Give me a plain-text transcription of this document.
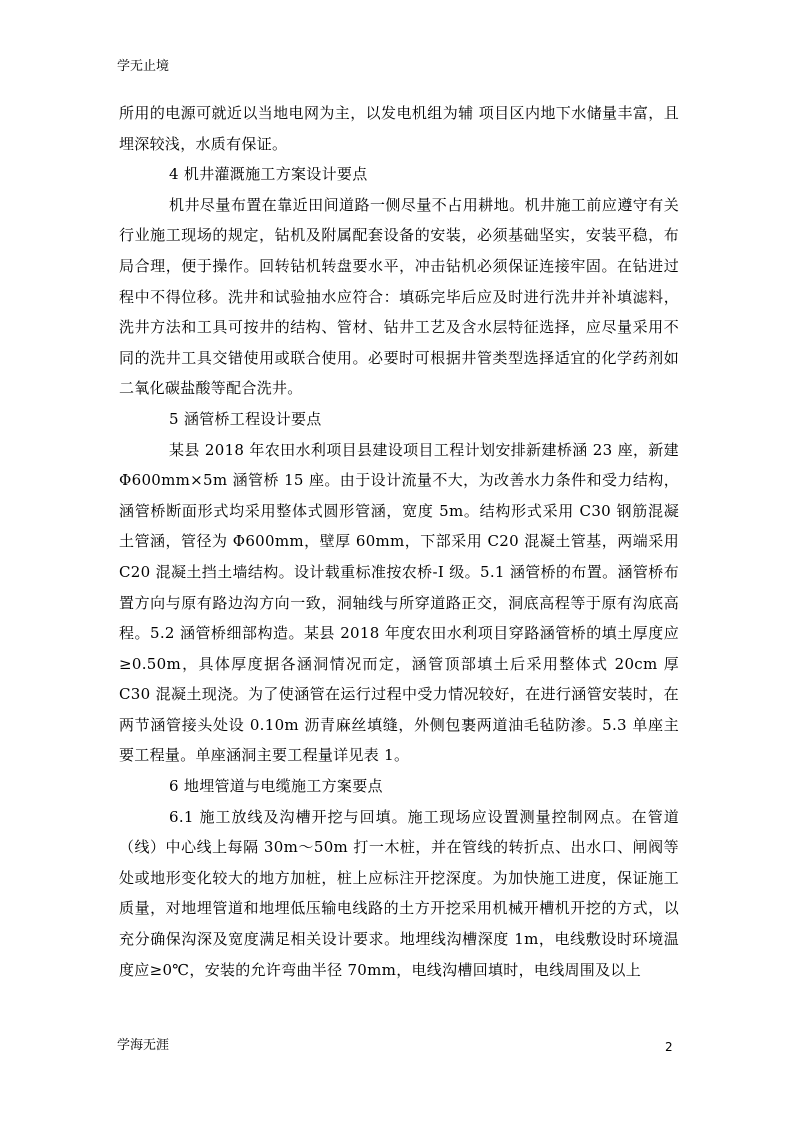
学无止境

所用的电源可就近以当地电网为主，以发电机组为辅 项目区内地下水储量丰富，且埋深较浅，水质有保证。

4 机井灌溉施工方案设计要点

机井尽量布置在靠近田间道路一侧尽量不占用耕地。机井施工前应遵守有关行业施工现场的规定，钻机及附属配套设备的安装，必须基础坚实，安装平稳，布局合理，便于操作。回转钻机转盘要水平，冲击钻机必须保证连接牢固。在钻进过程中不得位移。洗井和试验抽水应符合：填砾完毕后应及时进行洗井并补填滤料，洗井方法和工具可按井的结构、管材、钻井工艺及含水层特征选择，应尽量采用不同的洗井工具交错使用或联合使用。必要时可根据井管类型选择适宜的化学药剂如二氧化碳盐酸等配合洗井。

5 涵管桥工程设计要点

某县 2018 年农田水利项目县建设项目工程计划安排新建桥涵 23 座，新建Φ600mm×5m 涵管桥 15 座。由于设计流量不大，为改善水力条件和受力结构，涵管桥断面形式均采用整体式圆形管涵，宽度 5m。结构形式采用 C30 钢筋混凝土管涵，管径为 Φ600mm，壁厚 60mm，下部采用 C20 混凝土管基，两端采用 C20 混凝土挡土墙结构。设计载重标准按农桥-I 级。5.1 涵管桥的布置。涵管桥布置方向与原有路边沟方向一致，洞轴线与所穿道路正交，洞底高程等于原有沟底高程。5.2 涵管桥细部构造。某县 2018 年度农田水利项目穿路涵管桥的填土厚度应≥0.50m，具体厚度据各涵洞情况而定，涵管顶部填土后采用整体式 20cm 厚 C30 混凝土现浇。为了使涵管在运行过程中受力情况较好，在进行涵管安装时，在两节涵管接头处设 0.10m 沥青麻丝填缝，外侧包裹两道油毛毡防渗。5.3 单座主要工程量。单座涵洞主要工程量详见表 1。

6 地埋管道与电缆施工方案要点

6.1 施工放线及沟槽开挖与回填。施工现场应设置测量控制网点。在管道（线）中心线上每隔 30m～50m 打一木桩，并在管线的转折点、出水口、闸阀等处或地形变化较大的地方加桩，桩上应标注开挖深度。为加快施工进度，保证施工质量，对地埋管道和地埋低压输电线路的土方开挖采用机械开槽机开挖的方式，以充分确保沟深及宽度满足相关设计要求。地埋线沟槽深度 1m，电线敷设时环境温度应≥0℃，安装的允许弯曲半径 70mm，电线沟槽回填时，电线周围及以上

学海无涯	2
